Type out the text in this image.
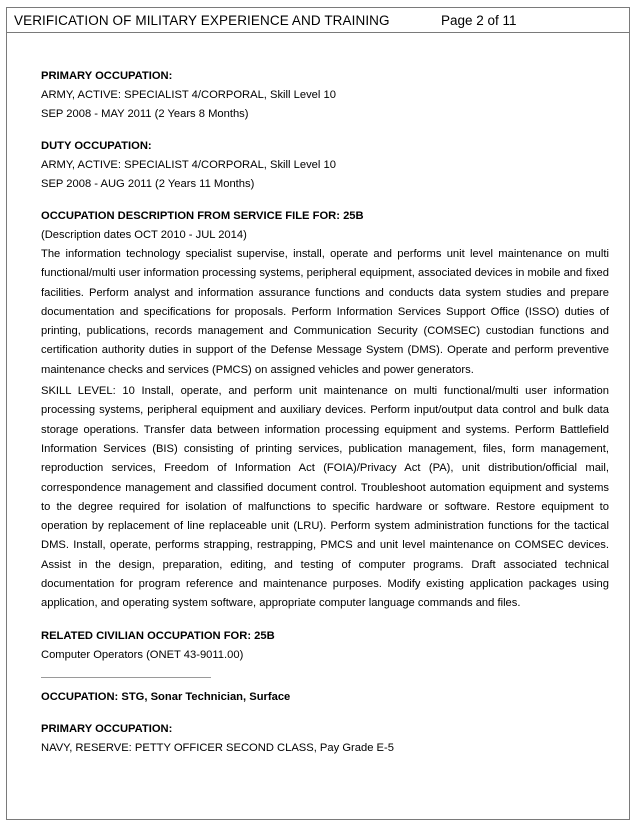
VERIFICATION OF MILITARY EXPERIENCE AND TRAINING	Page 2 of 11
PRIMARY OCCUPATION:
ARMY, ACTIVE: SPECIALIST 4/CORPORAL, Skill Level 10
SEP 2008 - MAY 2011 (2 Years 8 Months)
DUTY OCCUPATION:
ARMY, ACTIVE: SPECIALIST 4/CORPORAL, Skill Level 10
SEP 2008 - AUG 2011 (2 Years 11 Months)
OCCUPATION DESCRIPTION FROM SERVICE FILE FOR: 25B
(Description dates OCT 2010 - JUL 2014)
The information technology specialist supervise, install, operate and performs unit level maintenance on multi functional/multi user information processing systems, peripheral equipment, associated devices in mobile and fixed facilities. Perform analyst and information assurance functions and conducts data system studies and prepare documentation and specifications for proposals. Perform Information Services Support Office (ISSO) duties of printing, publications, records management and Communication Security (COMSEC) custodian functions and certification authority duties in support of the Defense Message System (DMS). Operate and perform preventive maintenance checks and services (PMCS) on assigned vehicles and power generators.
SKILL LEVEL: 10 Install, operate, and perform unit maintenance on multi functional/multi user information processing systems, peripheral equipment and auxiliary devices. Perform input/output data control and bulk data storage operations. Transfer data between information processing equipment and systems. Perform Battlefield Information Services (BIS) consisting of printing services, publication management, files, form management, reproduction services, Freedom of Information Act (FOIA)/Privacy Act (PA), unit distribution/official mail, correspondence management and classified document control. Troubleshoot automation equipment and systems to the degree required for isolation of malfunctions to specific hardware or software. Restore equipment to operation by replacement of line replaceable unit (LRU). Perform system administration functions for the tactical DMS. Install, operate, performs strapping, restrapping, PMCS and unit level maintenance on COMSEC devices. Assist in the design, preparation, editing, and testing of computer programs. Draft associated technical documentation for program reference and maintenance purposes. Modify existing application packages using application, and operating system software, appropriate computer language commands and files.
RELATED CIVILIAN OCCUPATION FOR: 25B
Computer Operators (ONET 43-9011.00)
OCCUPATION: STG, Sonar Technician, Surface
PRIMARY OCCUPATION:
NAVY, RESERVE: PETTY OFFICER SECOND CLASS, Pay Grade E-5
